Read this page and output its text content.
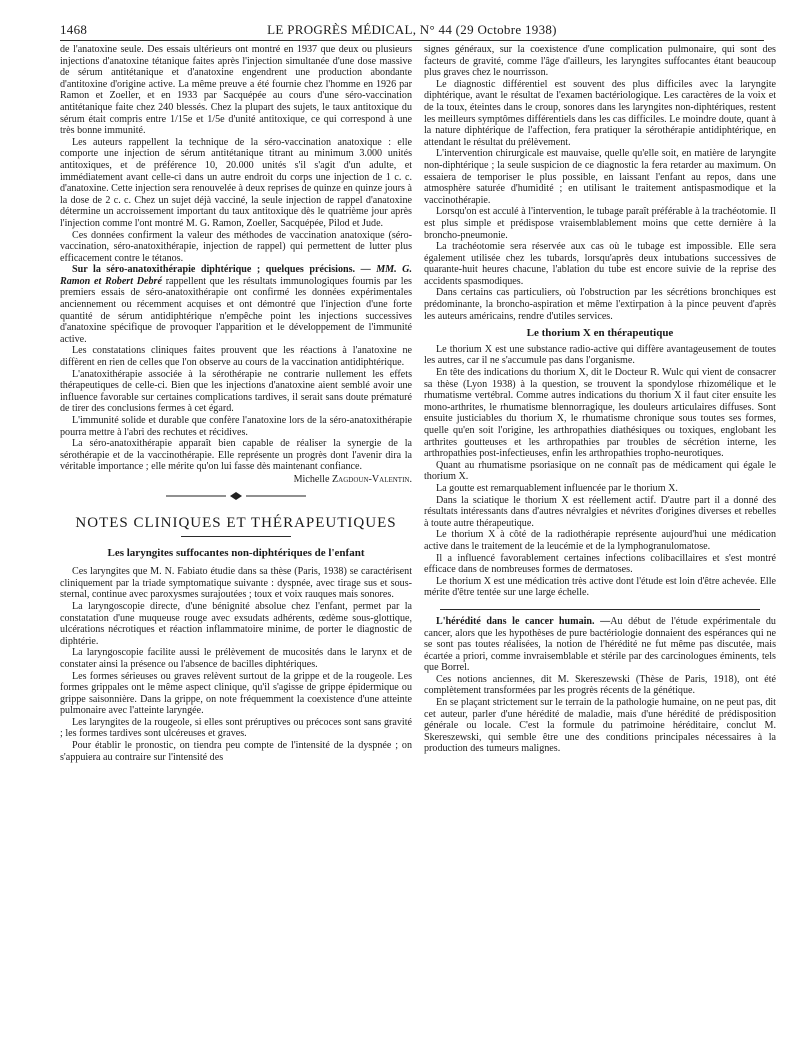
1468	LE PROGRÈS MÉDICAL, N° 44 (29 Octobre 1938)

de l'anatoxine seule. Des essais ultérieurs ont montré en 1937 que deux ou plusieurs injections d'anatoxine tétanique faites après l'injection simultanée d'une dose massive de sérum antitétanique et d'anatoxine engendrent une production abondante d'antitoxine d'origine active. La même preuve a été fournie chez l'homme en 1926 par Ramon et Zoeller, et en 1933 par Sacquépée au cours d'une séro-vaccination antitétanique faite chez 240 blessés. Chez la plupart des sujets, le taux antitoxique du sérum était compris entre 1/15e et 1/5e d'unité antitoxique, ce qui correspond à une très bonne immunité.

Les auteurs rappellent la technique de la séro-vaccination anatoxique : elle comporte une injection de sérum antitétanique titrant au minimum 3.000 unités antitoxiques, et de préférence 10, 20.000 unités s'il s'agit d'un adulte, et immédiatement avant celle-ci dans un autre endroit du corps une injection de 1 c. c. d'anatoxine. Cette injection sera renouvelée à deux reprises de quinze en quinze jours à la dose de 2 c. c. Chez un sujet déjà vacciné, la seule injection de rappel d'anatoxine détermine un accroissement important du taux antitoxique dès le quatrième jour après l'injection comme l'ont montré M. G. Ramon, Zoeller, Sacquépée, Pilod et Jude.

Ces données confirment la valeur des méthodes de vaccination anatoxique (séro-vaccination, séro-anatoxithérapie, injection de rappel) qui permettent de lutter plus efficacement contre le tétanos.

Sur la séro-anatoxithérapie diphtérique ; quelques précisions. — MM. G. Ramon et Robert Debré rappellent que les résultats immunologiques fournis par les premiers essais de séro-anatoxithérapie ont confirmé les données expérimentales anciennement ou récemment acquises et ont démontré que l'injection d'une forte quantité de sérum antidiphtérique n'empêche point les injections successives d'anatoxine spécifique de provoquer l'apparition et le développement de l'immunité active.

Les constatations cliniques faites prouvent que les réactions à l'anatoxine ne diffèrent en rien de celles que l'on observe au cours de la vaccination antidiphtérique.

L'anatoxithérapie associée à la sérothérapie ne contrarie nullement les effets thérapeutiques de celle-ci. Bien que les injections d'anatoxine aient semblé avoir une influence favorable sur certaines complications tardives, il serait sans doute prématuré de tirer des conclusions fermes à cet égard.

L'immunité solide et durable que confère l'anatoxine lors de la séro-anatoxithérapie pourra mettre à l'abri des rechutes et récidives.

La séro-anatoxithérapie apparaît bien capable de réaliser la synergie de la sérothérapie et de la vaccinothérapie. Elle représente un progrès dont l'avenir dira la véritable importance ; elle mérite qu'on lui fasse dès maintenant confiance.

Michelle Zagdoun-Valentin.

NOTES CLINIQUES ET THÉRAPEUTIQUES
Les laryngites suffocantes non-diphtériques de l'enfant

Ces laryngites que M. N. Fabiato étudie dans sa thèse (Paris, 1938) se caractérisent cliniquement par la triade symptomatique suivante : dyspnée, avec tirage sus et sous-sternal, continue avec paroxysmes surajoutées ; toux et voix rauques mais sonores.

La laryngoscopie directe, d'une bénignité absolue chez l'enfant, permet par la constatation d'une muqueuse rouge avec exsudats adhérents, œdème sous-glottique, ulcérations nécrotiques et réaction inflammatoire minime, de porter le diagnostic de diphtérie.

La laryngoscopie facilite aussi le prélèvement de mucosités dans le larynx et de constater ainsi la présence ou l'absence de bacilles diphtériques.

Les formes sérieuses ou graves relèvent surtout de la grippe et de la rougeole. Les formes grippales ont le même aspect clinique, qu'il s'agisse de grippe épidermique ou grippe saisonnière. Dans la grippe, on note fréquemment la coexistence d'une atteinte pulmonaire avec l'atteinte laryngée.

Les laryngites de la rougeole, si elles sont préruptives ou précoces sont sans gravité ; les formes tardives sont ulcéreuses et graves.

Pour établir le pronostic, on tiendra peu compte de l'intensité de la dyspnée ; on s'appuiera au contraire sur l'intensité des

signes généraux, sur la coexistence d'une complication pulmonaire, qui sont des facteurs de gravité, comme l'âge d'ailleurs, les laryngites suffocantes étant beaucoup plus graves chez le nourrisson.

Le diagnostic différentiel est souvent des plus difficiles avec la laryngite diphtérique, avant le résultat de l'examen bactériologique. Les caractères de la voix et de la toux, éteintes dans le croup, sonores dans les laryngites non-diphtériques, restent les meilleurs symptômes différentiels dans les cas difficiles. Le moindre doute, quant à la nature diphtérique de l'affection, fera pratiquer la sérothérapie antidiphtérique, en attendant le résultat du prélèvement.

L'intervention chirurgicale est mauvaise, quelle qu'elle soit, en matière de laryngite non-diphtérique ; la seule suspicion de ce diagnostic la fera retarder au maximum. On essaiera de temporiser le plus possible, en laissant l'enfant au repos, dans une atmosphère saturée d'humidité ; en utilisant le traitement antispasmodique et la vaccinothérapie.

Lorsqu'on est acculé à l'intervention, le tubage paraît préférable à la trachéotomie. Il est plus simple et prédispose vraisemblablement moins que cette dernière à la broncho-pneumonie.

La trachéotomie sera réservée aux cas où le tubage est impossible. Elle sera également utilisée chez les tubards, lorsqu'après deux intubations successives de quarante-huit heures chacune, l'ablation du tube est encore suivie de la reprise des accidents spasmodiques.

Dans certains cas particuliers, où l'obstruction par les sécrétions bronchiques est prédominante, la broncho-aspiration et même l'extirpation à la pince peuvent d'après les auteurs américains, rendre d'utiles services.

Le thorium X en thérapeutique

Le thorium X est une substance radio-active qui diffère avantageusement de toutes les autres, car il ne s'accumule pas dans l'organisme.

En tête des indications du thorium X, dit le Docteur R. Wulc qui vient de consacrer sa thèse (Lyon 1938) à la question, se trouvent la spondylose rhizomélique et le rhumatisme vertébral. Comme autres indications du thorium X il faut citer ensuite les mono-arthrites, le rhumatisme blennorragique, les douleurs articulaires diffuses. Sont ensuite justiciables du thorium X, le rhumatisme chronique sous toutes ses formes, quelle qu'en soit l'origine, les arthropathies diathésiques ou toxiques, englobant les arthrites goutteuses et les arthropathies par troubles de sécrétion interne, les arthropathies post-infectieuses, enfin les arthropathies tropho-neurotiques.

Quant au rhumatisme psoriasique on ne connaît pas de médicament qui égale le thorium X.

La goutte est remarquablement influencée par le thorium X.

Dans la sciatique le thorium X est réellement actif. D'autre part il a donné des résultats intéressants dans d'autres névralgies et névrites d'origines diverses et rebelles à toute autre thérapeutique.

Le thorium X à côté de la radiothérapie représente aujourd'hui une médication active dans le traitement de la leucémie et de la lymphogranulomatose.

Il a influencé favorablement certaines infections colibacillaires et s'est montré efficace dans de nombreuses formes de dermatoses.

Le thorium X est une médication très active dont l'étude est loin d'être achevée. Elle mérite d'être tentée sur une large échelle.

L'hérédité dans le cancer humain. —Au début de l'étude expérimentale du cancer, alors que les hypothèses de pure bactériologie donnaient des espérances qui ne se sont pas toutes réalisées, la notion de l'hérédité ne fut même pas discutée, mais écartée a priori, comme invraisemblable et stérile par des carcinologues éminents, tels que Borrel.

Ces notions anciennes, dit M. Skereszewski (Thèse de Paris, 1918), ont été complètement transformées par les progrès récents de la génétique.

En se plaçant strictement sur le terrain de la pathologie humaine, on ne peut pas, dit cet auteur, parler d'une hérédité de maladie, mais d'une hérédité de prédisposition générale ou locale. C'est la formule du patrimoine héréditaire, conclut M. Skereszewski, qui semble être une des conditions principales nécessaires à la production des tumeurs malignes.
